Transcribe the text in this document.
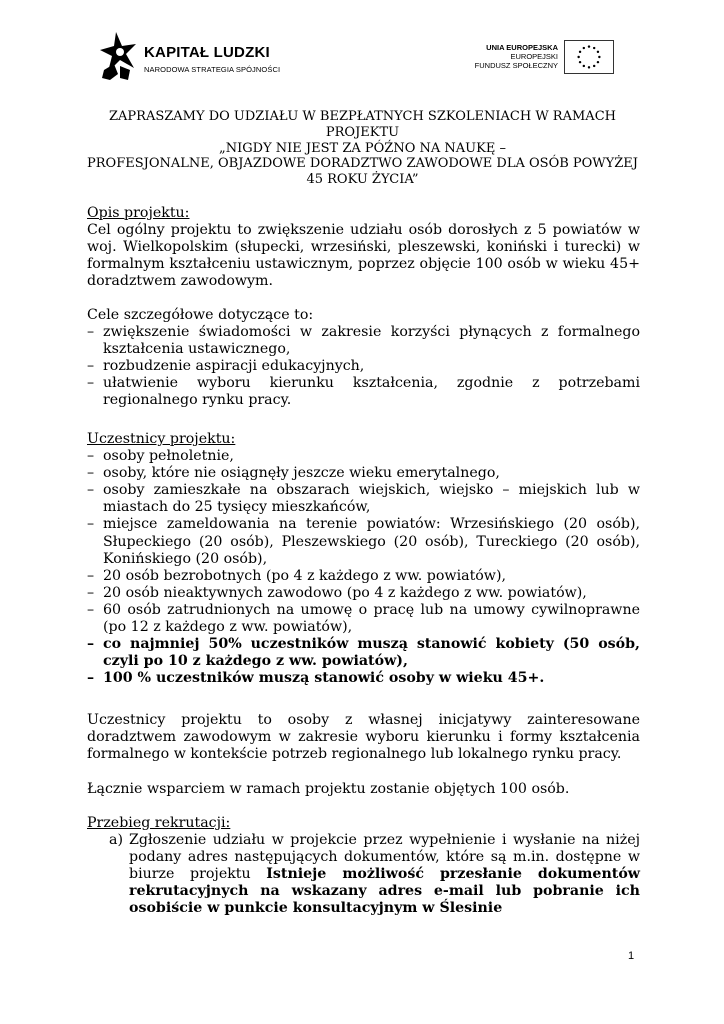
KAPITAŁ LUDZKI
NARODOWA STRATEGIA SPÓJNOŚCI
UNIA EUROPEJSKA
EUROPEJSKI
FUNDUSZ SPOŁECZNY
ZAPRASZAMY DO UDZIAŁU W BEZPŁATNYCH SZKOLENIACH W RAMACH PROJEKTU
„NIGDY NIE JEST ZA PÓŹNO NA NAUKĘ –
PROFESJONALNE, OBJAZDOWE DORADZTWO ZAWODOWE DLA OSÓB POWYŻEJ 45 ROKU ŻYCIA”
Opis projektu:
Cel ogólny projektu to zwiększenie udziału osób dorosłych z 5 powiatów w woj. Wielkopolskim (słupecki, wrzesiński, pleszewski, koniński i turecki) w formalnym kształceniu ustawicznym, poprzez objęcie 100 osób w wieku 45+ doradztwem zawodowym.
Cele szczegółowe dotyczące to:
– zwiększenie świadomości w zakresie korzyści płynących z formalnego kształcenia ustawicznego,
– rozbudzenie aspiracji edukacyjnych,
– ułatwienie wyboru kierunku kształcenia, zgodnie z potrzebami regionalnego rynku pracy.
Uczestnicy projektu:
– osoby pełnoletnie,
– osoby, które nie osiągnęły jeszcze wieku emerytalnego,
– osoby zamieszkałe na obszarach wiejskich, wiejsko – miejskich lub w miastach do 25 tysięcy mieszkańców,
– miejsce zameldowania na terenie powiatów: Wrzesińskiego (20 osób), Słupeckiego (20 osób), Pleszewskiego (20 osób), Tureckiego (20 osób), Konińskiego (20 osób),
– 20 osób bezrobotnych (po 4 z każdego z ww. powiatów),
– 20 osób nieaktywnych zawodowo (po 4 z każdego z ww. powiatów),
– 60 osób zatrudnionych na umowę o pracę lub na umowy cywilnoprawne (po 12 z każdego z ww. powiatów),
– co najmniej 50% uczestników muszą stanowić kobiety (50 osób, czyli po 10 z każdego z ww. powiatów),
– 100 % uczestników muszą stanowić osoby w wieku 45+.
Uczestnicy projektu to osoby z własnej inicjatywy zainteresowane doradztwem zawodowym w zakresie wyboru kierunku i formy kształcenia formalnego w kontekście potrzeb regionalnego lub lokalnego rynku pracy.
Łącznie wsparciem w ramach projektu zostanie objętych 100 osób.
Przebieg rekrutacji:
a) Zgłoszenie udziału w projekcie przez wypełnienie i wysłanie na niżej podany adres następujących dokumentów, które są m.in. dostępne w biurze projektu Istnieje możliwość przesłanie dokumentów rekrutacyjnych na wskazany adres e-mail lub pobranie ich osobiście w punkcie konsultacyjnym w Ślesinie
1
